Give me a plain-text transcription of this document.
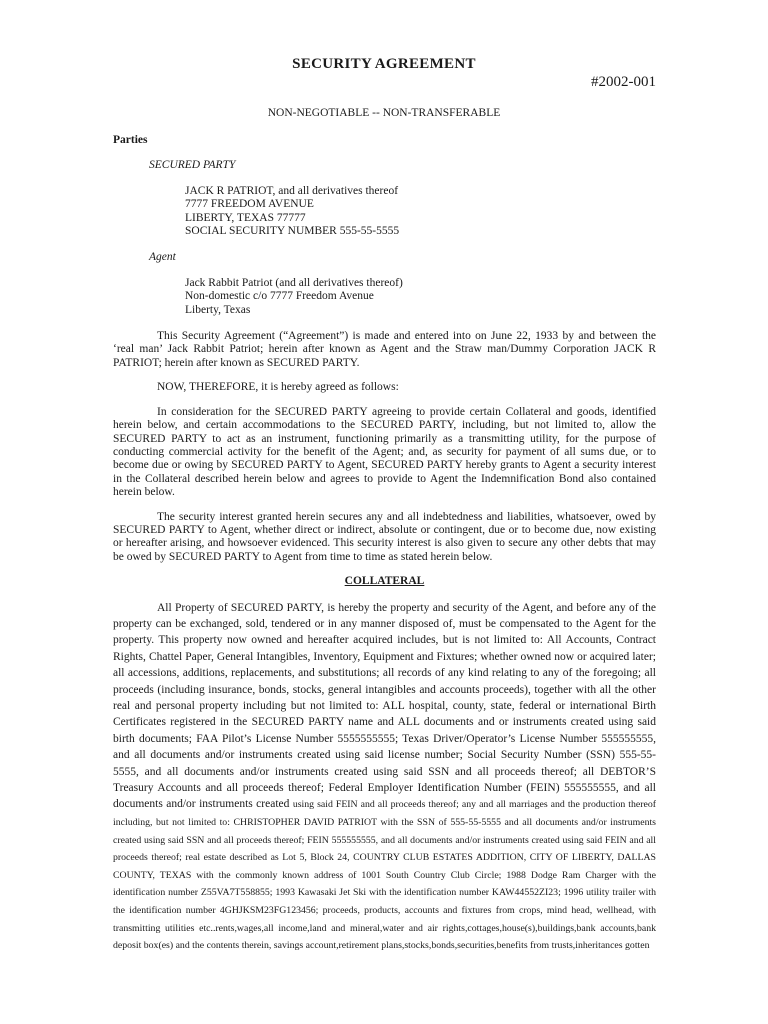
SECURITY AGREEMENT
#2002-001
NON-NEGOTIABLE -- NON-TRANSFERABLE
Parties
SECURED PARTY
JACK R PATRIOT, and all derivatives thereof
7777 FREEDOM AVENUE
LIBERTY, TEXAS 77777
SOCIAL SECURITY NUMBER 555-55-5555
Agent
Jack Rabbit Patriot (and all derivatives thereof)
Non-domestic c/o 7777 Freedom Avenue
Liberty, Texas

This Security Agreement (“Agreement”) is made and entered into on June 22, 1933 by and between the ‘real man’ Jack Rabbit Patriot; herein after known as Agent and the Straw man/Dummy Corporation JACK R PATRIOT; herein after known as SECURED PARTY.

NOW, THEREFORE, it is hereby agreed as follows:

In consideration for the SECURED PARTY agreeing to provide certain Collateral and goods, identified herein below, and certain accommodations to the SECURED PARTY, including, but not limited to, allow the SECURED PARTY to act as an instrument, functioning primarily as a transmitting utility, for the purpose of conducting commercial activity for the benefit of the Agent; and, as security for payment of all sums due, or to become due or owing by SECURED PARTY to Agent, SECURED PARTY hereby grants to Agent a security interest in the Collateral described herein below and agrees to provide to Agent the Indemnification Bond also contained herein below.

The security interest granted herein secures any and all indebtedness and liabilities, whatsoever, owed by SECURED PARTY to Agent, whether direct or indirect, absolute or contingent, due or to become due, now existing or hereafter arising, and howsoever evidenced. This security interest is also given to secure any other debts that may be owed by SECURED PARTY to Agent from time to time as stated herein below.

COLLATERAL

All Property of SECURED PARTY, is hereby the property and security of the Agent, and before any of the property can be exchanged, sold, tendered or in any manner disposed of, must be compensated to the Agent for the property. This property now owned and hereafter acquired includes, but is not limited to: All Accounts, Contract Rights, Chattel Paper, General Intangibles, Inventory, Equipment and Fixtures; whether owned now or acquired later; all accessions, additions, replacements, and substitutions; all records of any kind relating to any of the foregoing; all proceeds (including insurance, bonds, stocks, general intangibles and accounts proceeds), together with all the other real and personal property including but not limited to: ALL hospital, county, state, federal or international Birth Certificates registered in the SECURED PARTY name and ALL documents and or instruments created using said birth documents; FAA Pilot’s License Number 5555555555; Texas Driver/Operator’s License Number 555555555, and all documents and/or instruments created using said license number; Social Security Number (SSN) 555-55-5555, and all documents and/or instruments created using said SSN and all proceeds thereof; all DEBTOR’S Treasury Accounts and all proceeds thereof; Federal Employer Identification Number (FEIN) 555555555, and all documents and/or instruments created using said FEIN and all proceeds thereof; any and all marriages and the production thereof including, but not limited to: CHRISTOPHER DAVID PATRIOT with the SSN of 555-55-5555 and all documents and/or instruments created using said SSN and all proceeds thereof; FEIN 555555555, and all documents and/or instruments created using said FEIN and all proceeds thereof; real estate described as Lot 5, Block 24, COUNTRY CLUB ESTATES ADDITION, CITY OF LIBERTY, DALLAS COUNTY, TEXAS with the commonly known address of 1001 South Country Club Circle; 1988 Dodge Ram Charger with the identification number Z55VA7T558855; 1993 Kawasaki Jet Ski with the identification number KAW44552ZI23; 1996 utility trailer with the identification number 4GHJKSM23FG123456; proceeds, products, accounts and fixtures from crops, mind head, wellhead, with transmitting utilities etc..rents,wages,all income,land and mineral,water and air rights,cottages,house(s),buildings,bank accounts,bank deposit box(es) and the contents therein, savings account,retirement plans,stocks,bonds,securities,benefits from trusts,inheritances gotten
